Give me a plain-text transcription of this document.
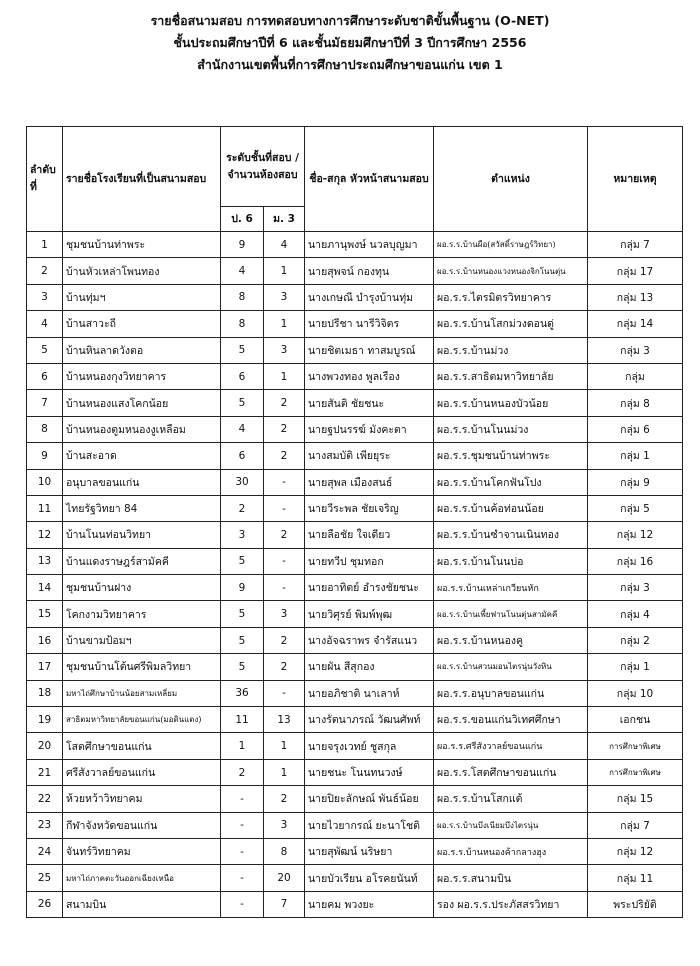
รายชื่อสนามสอบ การทดสอบทางการศึกษาระดับชาติขั้นพื้นฐาน (O-NET)
ชั้นประถมศึกษาปีที่ 6 และชั้นมัธยมศึกษาปีที่ 3 ปีการศึกษา 2556
สำนักงานเขตพื้นที่การศึกษาประถมศึกษาขอนแก่น เขต 1
ลำดับที่	รายชื่อโรงเรียนที่เป็นสนามสอบ	ระดับชั้นที่สอบ / จำนวนห้องสอบ		ชื่อ-สกุล หัวหน้าสนามสอบ	ตำแหน่ง	หมายเหตุ
		ป. 6	ม. 3			
1	ชุมชนบ้านท่าพระ	9	4	นายภานุพงษ์ นวลบุญมา	ผอ.ร.ร.บ้านผือ(สวัสดิ์ราษฎร์วิทยา)	กลุ่ม 7
2	บ้านหัวเหล่าโพนทอง	4	1	นายสุพจน์ กองทุน	ผอ.ร.ร.บ้านหนองแวงหนองจิกโนนตุ่น	กลุ่ม 17
3	บ้านทุ่มฯ	8	3	นางเกษณี บำรุงบ้านทุ่ม	ผอ.ร.ร.ไตรมิตรวิทยาคาร	กลุ่ม 13
4	บ้านสาวะถี	8	1	นายปรีชา นารีวิจิตร	ผอ.ร.ร.บ้านโสกม่วงดอนดู่	กลุ่ม 14
5	บ้านหินลาดวังตอ	5	3	นายชิตเมธา ทาสมบูรณ์	ผอ.ร.ร.บ้านม่วง	กลุ่ม 3
6	บ้านหนองกุงวิทยาคาร	6	1	นางพวงทอง พูลเรือง	ผอ.ร.ร.สาธิตมหาวิทยาลัย	กลุ่ม
7	บ้านหนองแสงโคกน้อย	5	2	นายสันติ ชัยชนะ	ผอ.ร.ร.บ้านหนองบัวน้อย	กลุ่ม 8
8	บ้านหนองตูมหนองงูเหลือม	4	2	นายฐปนรรฆ์ มังคะตา	ผอ.ร.ร.บ้านโนนม่วง	กลุ่ม 6
9	บ้านสะอาด	6	2	นางสมบัติ เพียยุระ	ผอ.ร.ร.ชุมชนบ้านท่าพระ	กลุ่ม 1
10	อนุบาลขอนแก่น	30	-	นายสุพล เมืองสนธ์	ผอ.ร.ร.บ้านโคกฟันโปง	กลุ่ม 9
11	ไทยรัฐวิทยา 84	2	-	นายวีระพล ชัยเจริญ	ผอ.ร.ร.บ้านค้อท่อนน้อย	กลุ่ม 5
12	บ้านโนนท่อนวิทยา	3	2	นายลือชัย ใจเดียว	ผอ.ร.ร.บ้านซำจานเนินทอง	กลุ่ม 12
13	บ้านแดงราษฎร์สามัคคี	5	-	นายทวีป ชุมทอก	ผอ.ร.ร.บ้านโนนบ่อ	กลุ่ม 16
14	ชุมชนบ้านฝาง	9	-	นายอาทิตย์ อำรงชัยชนะ	ผอ.ร.ร.บ้านเหล่าเกวียนหัก	กลุ่ม 3
15	โคกงามวิทยาคาร	5	3	นายวิศุรย์ พิมพ์พุฒ	ผอ.ร.ร.บ้านเพี้ยฟานโนนตุ่นสามัคคี	กลุ่ม 4
16	บ้านขามป้อมฯ	5	2	นางอัจฉราพร จำรัสแนว	ผอ.ร.ร.บ้านหนองคู	กลุ่ม 2
17	ชุมชนบ้านโต้นศรีพิมลวิทยา	5	2	นายผัน สีสุกอง	ผอ.ร.ร.บ้านสวนมอนไตรนุ่นวังหิน	กลุ่ม 1
18	มหาไถ่ศึกษาบ้านน้อยสามเหลี่ยม	36	-	นายอภิชาติ นาเลาห์	ผอ.ร.ร.อนุบาลขอนแก่น	กลุ่ม 10
19	สาธิตมหาวิทยาลัยขอนแก่น(มอดินแดง)	11	13	นางรัตนาภรณ์ วัฒนศัพท์	ผอ.ร.ร.ขอนแก่นวิเทศศึกษา	เอกชน
20	โสตศึกษาขอนแก่น	1	1	นายจรุงเวทย์ ชูสกุล	ผอ.ร.ร.ศรีสังวาลย์ขอนแก่น	การศึกษาพิเศษ
21	ศรีสังวาลย์ขอนแก่น	2	1	นายชนะ โนนทนวงษ์	ผอ.ร.ร.โสตศึกษาขอนแก่น	การศึกษาพิเศษ
22	ห้วยหว้าวิทยาคม	-	2	นายปิยะลักษณ์ พันธ์น้อย	ผอ.ร.ร.บ้านโสกแต้	กลุ่ม 15
23	กีฬาจังหวัดขอนแก่น	-	3	นายไวยากรณ์ ยะนาโชติ	ผอ.ร.ร.บ้านบึงเนียมบึงไตรนุ่น	กลุ่ม 7
24	จันทร์วิทยาคม	-	8	นายสุพัฒน์ นริษยา	ผอ.ร.ร.บ้านหนองค้ากลางฮุง	กลุ่ม 12
25	มหาไถ่ภาคตะวันออกเฉียงเหนือ	-	20	นายบัวเรียน อโรคยนันท์	ผอ.ร.ร.สนามบิน	กลุ่ม 11
26	สนามบิน	-	7	นายคม พวงยะ	รอง ผอ.ร.ร.ประภัสสรวิทยา	พระปริยัติ
